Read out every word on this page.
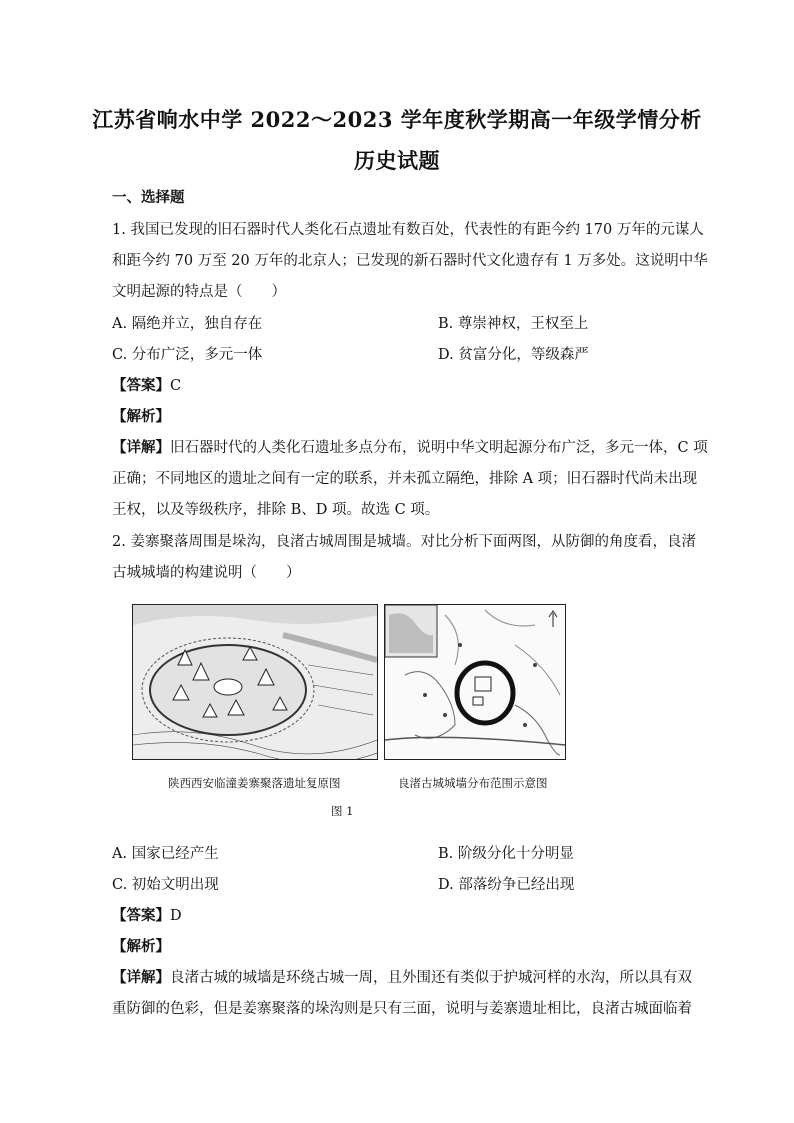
江苏省响水中学 2022～2023 学年度秋学期高一年级学情分析
历史试题
一、选择题
1. 我国已发现的旧石器时代人类化石点遗址有数百处，代表性的有距今约 170 万年的元谋人
和距今约 70 万至 20 万年的北京人；已发现的新石器时代文化遗存有 1 万多处。这说明中华
文明起源的特点是（　　）
A. 隔绝并立，独自存在	B. 尊崇神权，王权至上
C. 分布广泛，多元一体	D. 贫富分化，等级森严
【答案】C
【解析】
【详解】旧石器时代的人类化石遗址多点分布，说明中华文明起源分布广泛，多元一体，C 项
正确；不同地区的遗址之间有一定的联系，并未孤立隔绝，排除 A 项；旧石器时代尚未出现
王权，以及等级秩序，排除 B、D 项。故选 C 项。
2. 姜寨聚落周围是垛沟，良渚古城周围是城墙。对比分析下面两图，从防御的角度看，良渚
古城城墙的构建说明（　　）
陕西西安临潼姜寨聚落遗址复原图	良渚古城城墙分布范围示意图
图 1
A. 国家已经产生	B. 阶级分化十分明显
C. 初始文明出现	D. 部落纷争已经出现
【答案】D
【解析】
【详解】良渚古城的城墙是环绕古城一周，且外围还有类似于护城河样的水沟，所以具有双
重防御的色彩，但是姜寨聚落的垛沟则是只有三面，说明与姜寨遗址相比，良渚古城面临着
